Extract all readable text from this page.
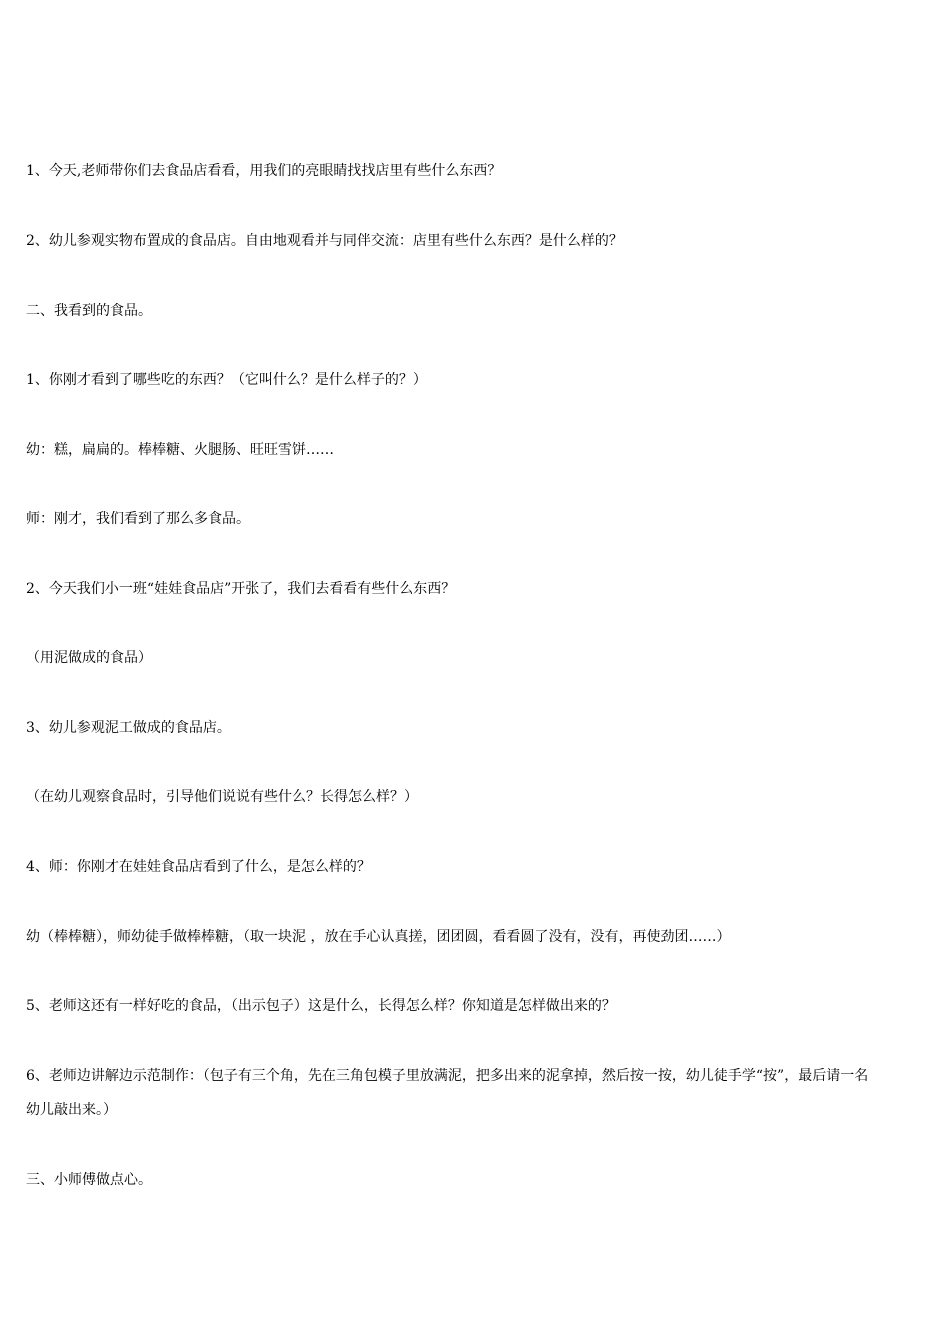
1、今天,老师带你们去食品店看看，用我们的亮眼睛找找店里有些什么东西？

2、幼儿参观实物布置成的食品店。自由地观看并与同伴交流：店里有些什么东西？是什么样的？

二、我看到的食品。

1、你刚才看到了哪些吃的东西？（它叫什么？是什么样子的？）

幼：糕，扁扁的。棒棒糖、火腿肠、旺旺雪饼……

师：刚才，我们看到了那么多食品。

2、今天我们小一班“娃娃食品店”开张了，我们去看看有些什么东西？

（用泥做成的食品）

3、幼儿参观泥工做成的食品店。

（在幼儿观察食品时，引导他们说说有些什么？长得怎么样？）

4、师：你刚才在娃娃食品店看到了什么，是怎么样的？

幼（棒棒糖），师幼徒手做棒棒糖，（取一块泥 ，放在手心认真搓，团团圆，看看圆了没有，没有，再使劲团……）

5、老师这还有一样好吃的食品，（出示包子）这是什么，长得怎么样？你知道是怎样做出来的？

6、老师边讲解边示范制作：（包子有三个角，先在三角包模子里放满泥，把多出来的泥拿掉，然后按一按，幼儿徒手学“按”，最后请一名幼儿敲出来。）

三、小师傅做点心。
